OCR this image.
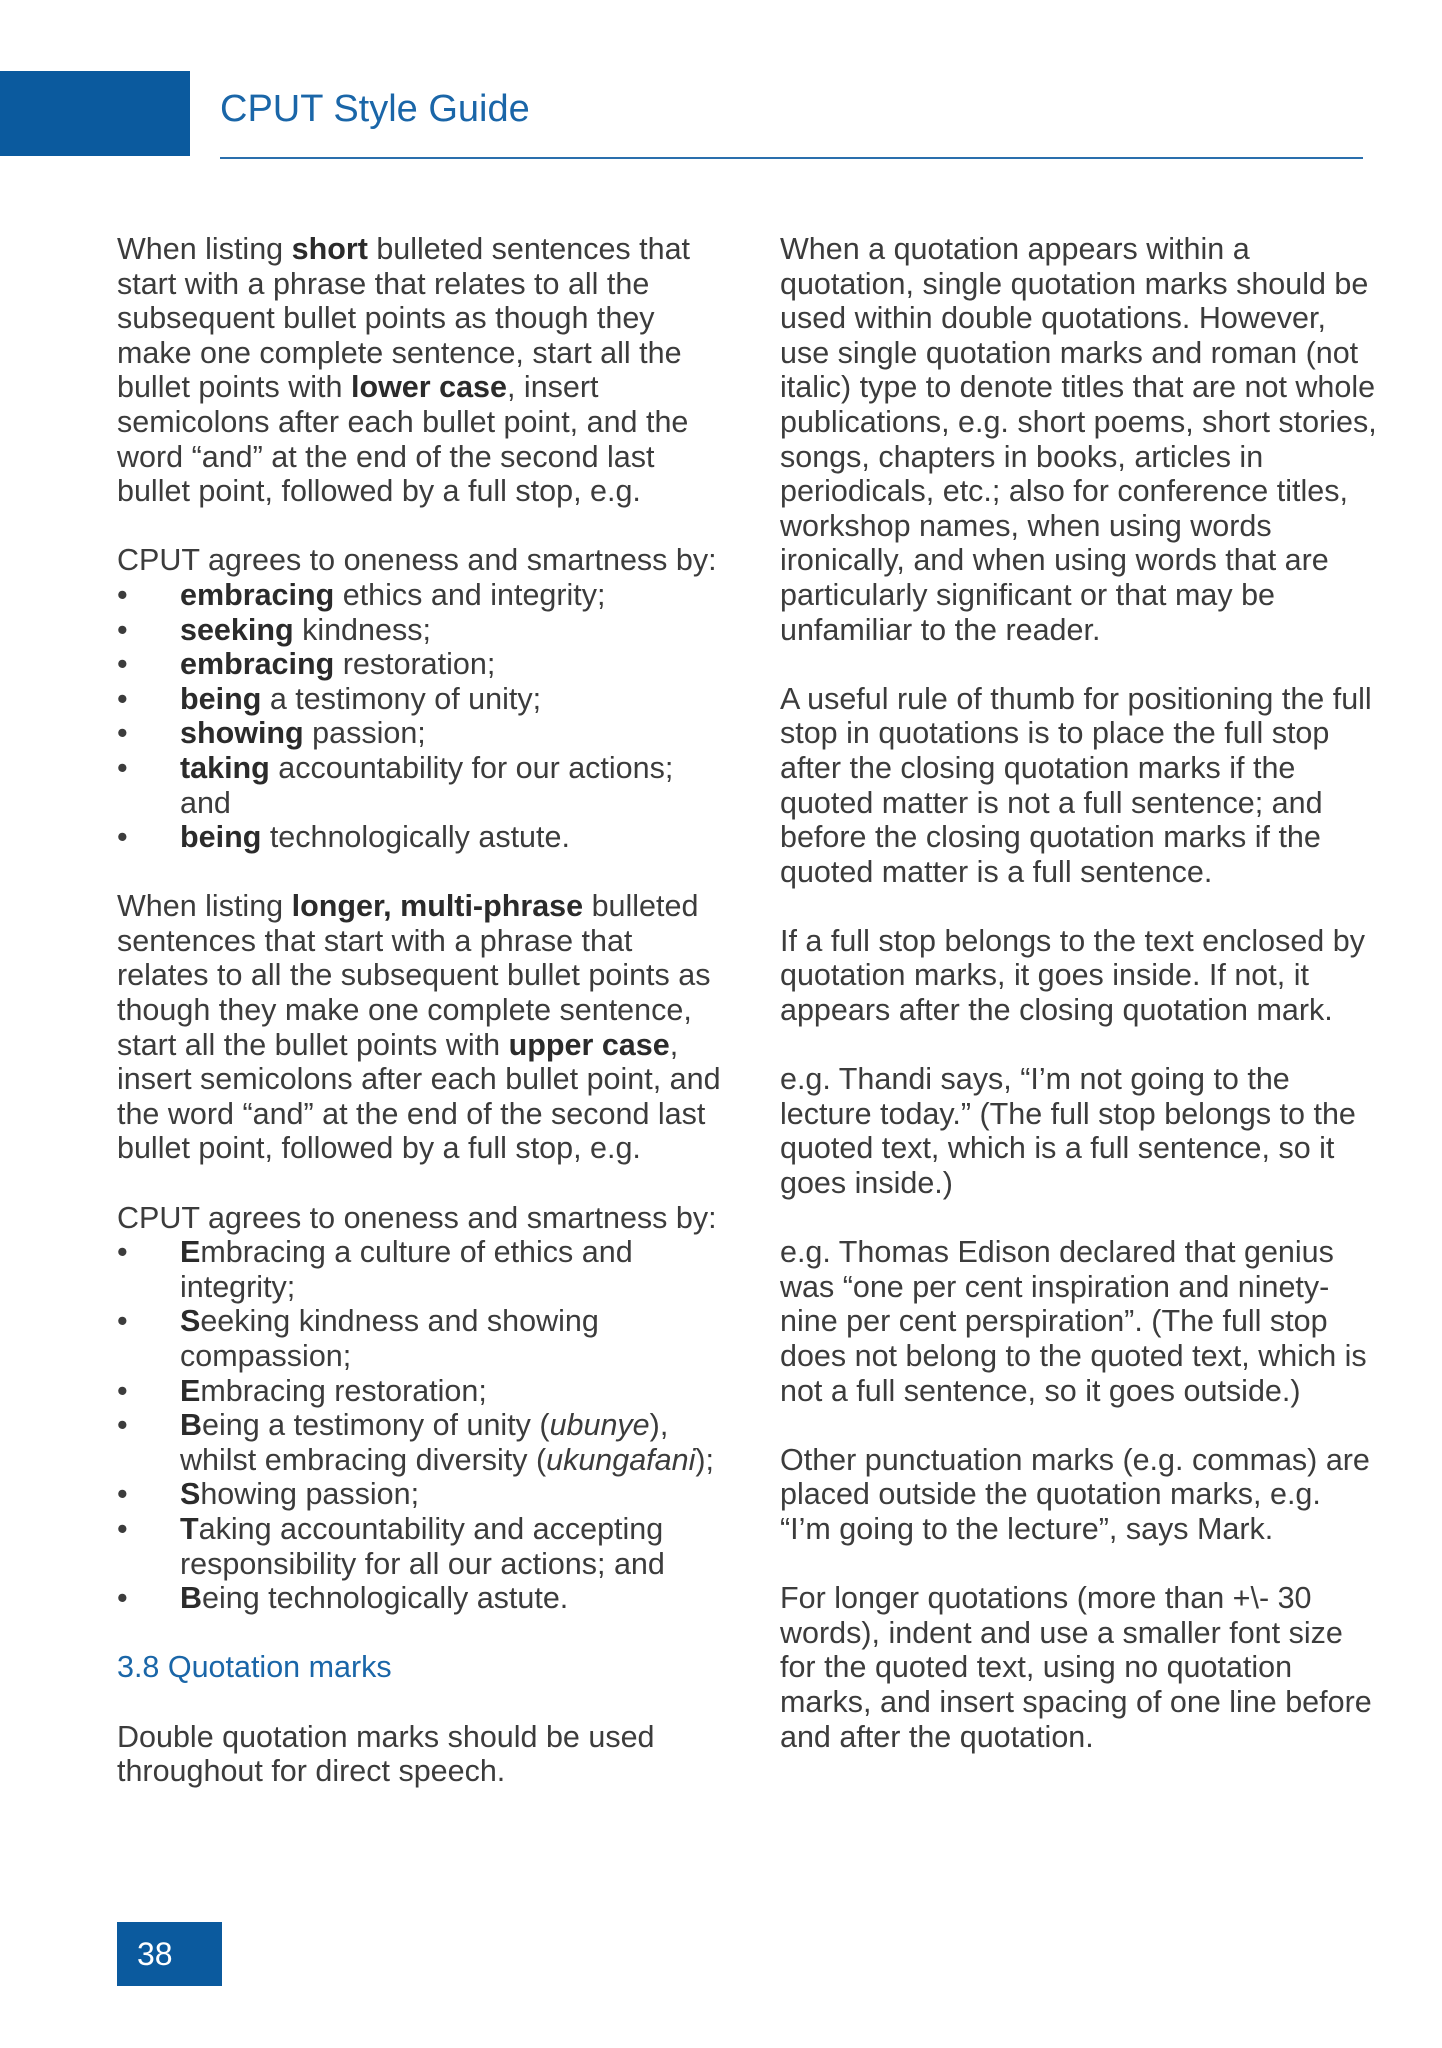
CPUT Style Guide

When listing short bulleted sentences that start with a phrase that relates to all the subsequent bullet points as though they make one complete sentence, start all the bullet points with lower case, insert semicolons after each bullet point, and the word “and” at the end of the second last bullet point, followed by a full stop, e.g.

CPUT agrees to oneness and smartness by:

•	embracing ethics and integrity;
•	seeking kindness;
•	embracing restoration;
•	being a testimony of unity;
•	showing passion;
•	taking accountability for our actions; and
•	being technologically astute.

When listing longer, multi-phrase bulleted sentences that start with a phrase that relates to all the subsequent bullet points as though they make one complete sentence, start all the bullet points with upper case, insert semicolons after each bullet point, and the word “and” at the end of the second last bullet point, followed by a full stop, e.g.

CPUT agrees to oneness and smartness by:

•	Embracing a culture of ethics and integrity;
•	Seeking kindness and showing compassion;
•	Embracing restoration;
•	Being a testimony of unity (ubunye), whilst embracing diversity (ukungafani);
•	Showing passion;
•	Taking accountability and accepting responsibility for all our actions; and
•	Being technologically astute.
3.8 Quotation marks

Double quotation marks should be used throughout for direct speech.

When a quotation appears within a quotation, single quotation marks should be used within double quotations. However, use single quotation marks and roman (not italic) type to denote titles that are not whole publications, e.g. short poems, short stories, songs, chapters in books, articles in periodicals, etc.; also for conference titles, workshop names, when using words ironically, and when using words that are particularly significant or that may be unfamiliar to the reader.

A useful rule of thumb for positioning the full stop in quotations is to place the full stop after the closing quotation marks if the quoted matter is not a full sentence; and before the closing quotation marks if the quoted matter is a full sentence.

If a full stop belongs to the text enclosed by quotation marks, it goes inside. If not, it appears after the closing quotation mark.

e.g. Thandi says, “I’m not going to the lecture today.” (The full stop belongs to the quoted text, which is a full sentence, so it goes inside.)

e.g. Thomas Edison declared that genius was “one per cent inspiration and ninety-nine per cent perspiration”. (The full stop does not belong to the quoted text, which is not a full sentence, so it goes outside.)

Other punctuation marks (e.g. commas) are placed outside the quotation marks, e.g. “I’m going to the lecture”, says Mark.

For longer quotations (more than +\- 30 words), indent and use a smaller font size for the quoted text, using no quotation marks, and insert spacing of one line before and after the quotation.

38
